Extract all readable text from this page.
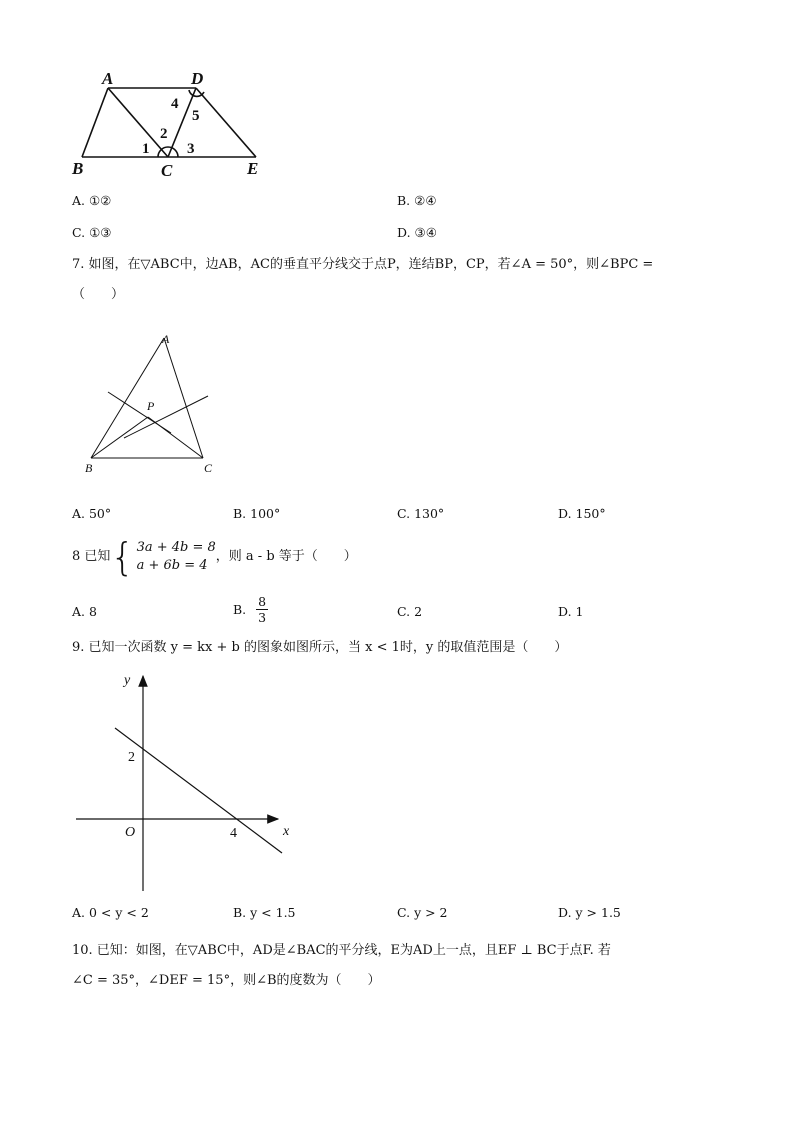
A	D
B	C	E
1
2
3
4
5
A. ①②	B. ②④
C. ①③	D. ③④
7. 如图，在▽ABC中，边AB，AC的垂直平分线交于点P，连结BP，CP，若∠A = 50°，则∠BPC =
（　　）
A
P
B	C
A. 50°	B. 100°	C. 130°	D. 150°
8 已知 { 3a + 4b = 8
a + 6b = 4
，则 a - b 等于（　　）
A. 8	B. $\frac{8}{3}$	C. 2	D. 1
9. 已知一次函数 y = kx + b 的图象如图所示，当 x < 1时，y 的取值范围是（　　）
y
x
O
2
4
A. 0 < y < 2	B. y < 1.5	C. y > 2	D. y > 1.5
10. 已知：如图，在▽ABC中，AD是∠BAC的平分线，E为AD上一点，且EF ⊥ BC于点F. 若
∠C = 35°，∠DEF = 15°，则∠B的度数为（　　）
